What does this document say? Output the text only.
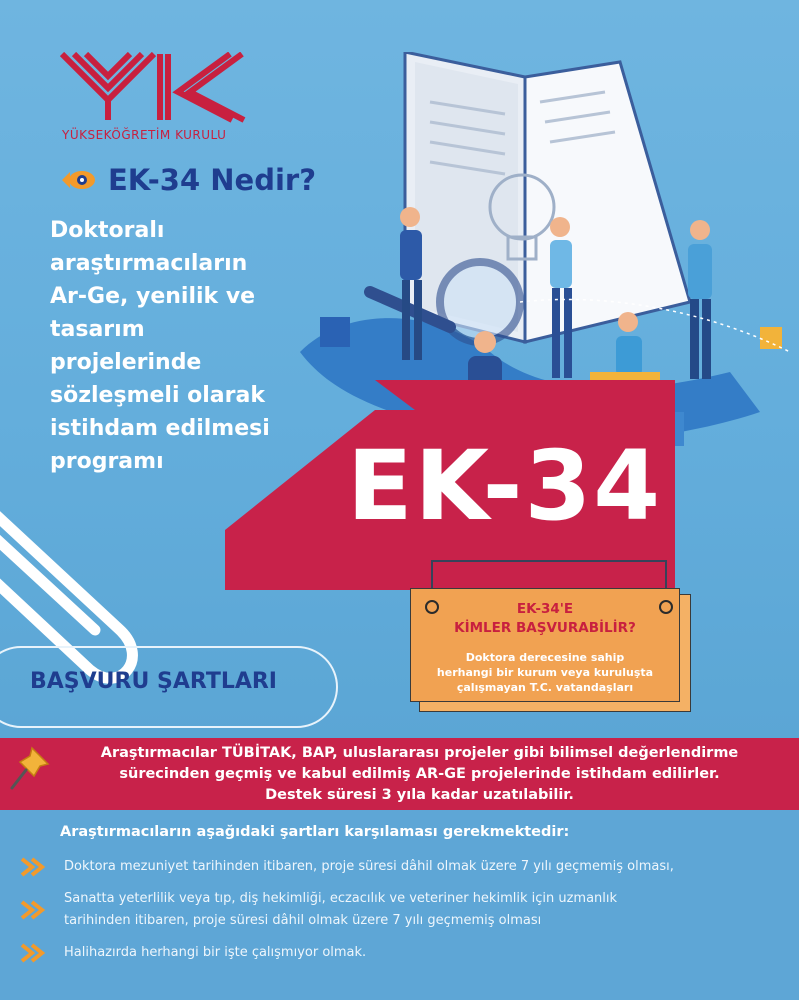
YÜKSEKÖĞRETİM KURULU
EK-34 Nedir?
Doktoralı
araştırmacıların
Ar-Ge, yenilik ve
tasarım
projelerinde
sözleşmeli olarak
istihdam edilmesi
programı	EK-34
BAŞVURU ŞARTLARI
EK-34'E
KİMLER BAŞVURABİLİR?
Doktora derecesine sahip
herhangi bir kurum veya kuruluşta
çalışmayan T.C. vatandaşları
Araştırmacılar TÜBİTAK, BAP, uluslararası projeler gibi bilimsel değerlendirme
sürecinden geçmiş ve kabul edilmiş AR-GE projelerinde istihdam edilirler.
Destek süresi 3 yıla kadar uzatılabilir.
Araştırmacıların aşağıdaki şartları karşılaması gerekmektedir:
Doktora mezuniyet tarihinden itibaren, proje süresi dâhil olmak üzere 7 yılı geçmemiş olması,
Sanatta yeterlilik veya tıp, diş hekimliği, eczacılık ve veteriner hekimlik için uzmanlık
tarihinden itibaren, proje süresi dâhil olmak üzere 7 yılı geçmemiş olması
Halihazırda herhangi bir işte çalışmıyor olmak.
